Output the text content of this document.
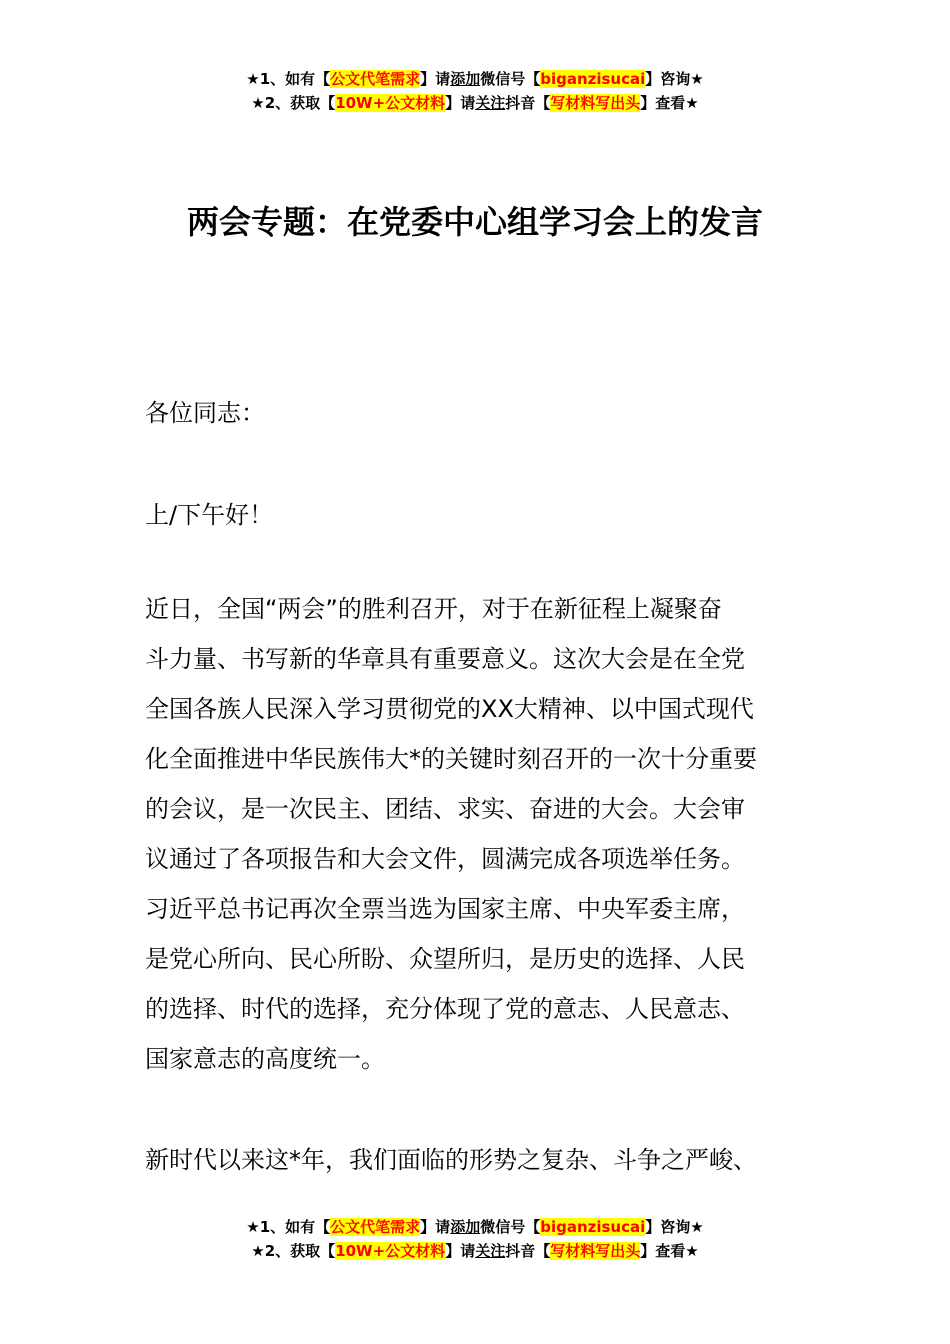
★1、如有【公文代笔需求】请添加微信号【biganzisucai】咨询★
★2、获取【10W+公文材料】请关注抖音【写材料写出头】查看★
两会专题：在党委中心组学习会上的发言

各位同志：

上/下午好！

近日，全国“两会”的胜利召开，对于在新征程上凝聚奋
斗力量、书写新的华章具有重要意义。这次大会是在全党
全国各族人民深入学习贯彻党的XX大精神、以中国式现代
化全面推进中华民族伟大*的关键时刻召开的一次十分重要
的会议，是一次民主、团结、求实、奋进的大会。大会审
议通过了各项报告和大会文件，圆满完成各项选举任务。
习近平总书记再次全票当选为国家主席、中央军委主席，
是党心所向、民心所盼、众望所归，是历史的选择、人民
的选择、时代的选择，充分体现了党的意志、人民意志、
国家意志的高度统一。
新时代以来这*年，我们面临的形势之复杂、斗争之严峻、
★1、如有【公文代笔需求】请添加微信号【biganzisucai】咨询★
★2、获取【10W+公文材料】请关注抖音【写材料写出头】查看★
